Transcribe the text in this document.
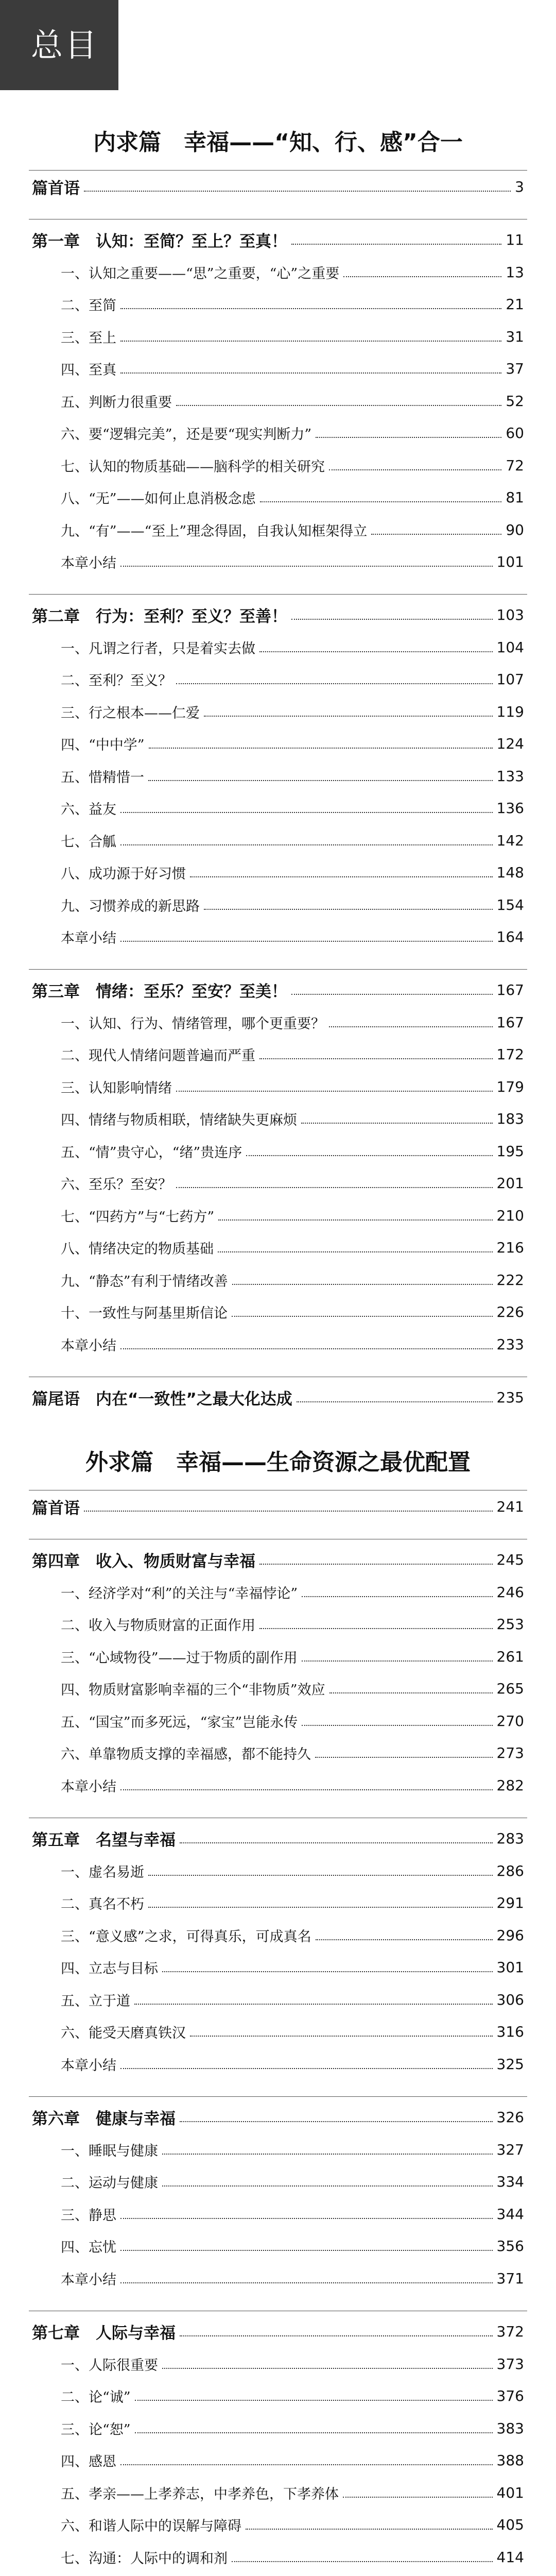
总目录	内求篇　幸福——“知、行、感”合一
篇首语	3
第一章　认知：至简？至上？至真！	11
一、认知之重要——“思”之重要，“心”之重要	13
二、至简	21
三、至上	31
四、至真	37
五、判断力很重要	52
六、要“逻辑完美”，还是要“现实判断力”	60
七、认知的物质基础——脑科学的相关研究	72
八、“无”——如何止息消极念虑	81
九、“有”——“至上”理念得固，自我认知框架得立	90
本章小结	101
第二章　行为：至利？至义？至善！	103
一、凡谓之行者，只是着实去做	104
二、至利？至义？	107
三、行之根本——仁爱	119
四、“中中学”	124
五、惜精惜一	133
六、益友	136
七、合觚	142
八、成功源于好习惯	148
九、习惯养成的新思路	154
本章小结	164
第三章　情绪：至乐？至安？至美！	167
一、认知、行为、情绪管理，哪个更重要？	167
二、现代人情绪问题普遍而严重	172
三、认知影响情绪	179
四、情绪与物质相联，情绪缺失更麻烦	183
五、“情”贵守心，“绪”贵连序	195
六、至乐？至安？	201
七、“四药方”与“七药方”	210
八、情绪决定的物质基础	216
九、“静态”有利于情绪改善	222
十、一致性与阿基里斯信论	226
本章小结	233
篇尾语　内在“一致性”之最大化达成	235
外求篇　幸福——生命资源之最优配置
篇首语	241
第四章　收入、物质财富与幸福	245
一、经济学对“利”的关注与“幸福悖论”	246
二、收入与物质财富的正面作用	253
三、“心域物役”——过于物质的副作用	261
四、物质财富影响幸福的三个“非物质”效应	265
五、“国宝”而多死远，“家宝”岂能永传	270
六、单靠物质支撑的幸福感，都不能持久	273
本章小结	282
第五章　名望与幸福	283
一、虚名易逝	286
二、真名不朽	291
三、“意义感”之求，可得真乐，可成真名	296
四、立志与目标	301
五、立于道	306
六、能受天磨真铁汉	316
本章小结	325
第六章　健康与幸福	326
一、睡眠与健康	327
二、运动与健康	334
三、静思	344
四、忘忧	356
本章小结	371
第七章　人际与幸福	372
一、人际很重要	373
二、论“诚”	376
三、论“恕”	383
四、感恩	388
五、孝亲——上孝养志，中孝养色，下孝养体	401
六、和谐人际中的误解与障碍	405
七、沟通：人际中的调和剂	414
